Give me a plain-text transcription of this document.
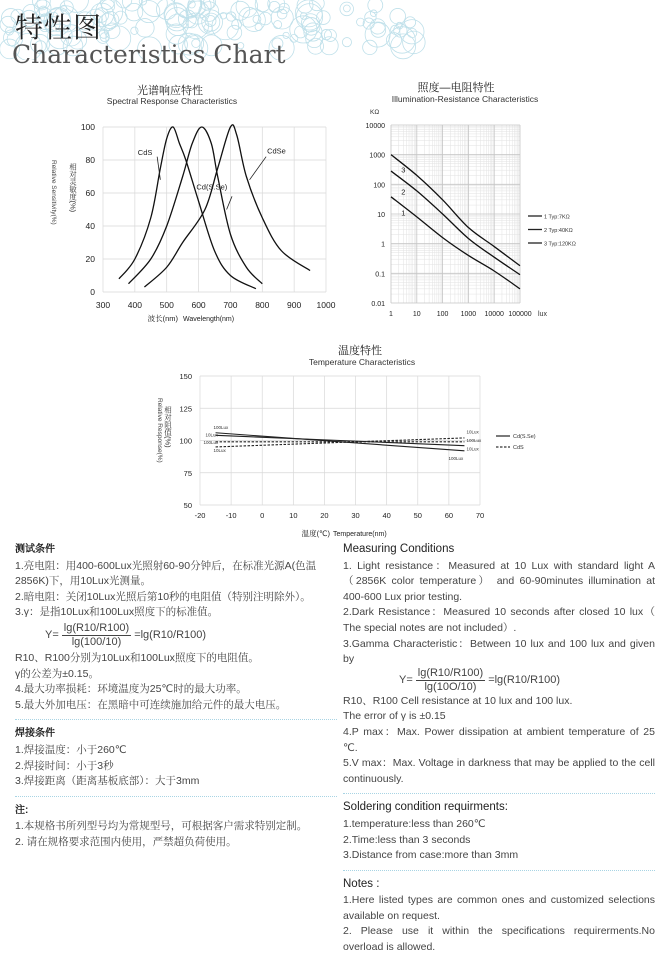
特性图
Characteristics Chart
光谱响应特性
Spectral Response Characteristics
波长(nm) Wavelength(nm)
相对灵敏度(%)
Relative Sensitivity(%)
300 400 500 600 700 800 900 1000
0
20
40
60
80
100
CdS	CdSe
Cd(S.Se)
照度—电阻特性
Illumination-Resistance Characteristics
KΩ
lux
1	10 100 1000 10000 100000
0.01
0.1
1
10
100
1000
10000
1
1 Typ:7KΩ
2
2 Typ:40KΩ
3
3 Typ:120KΩ
温度特性
Temperature Characteristics
温度(℃) Temperature(nm)
相对阻值(%)
Relative Response(%)
-20	-10	0	10	20	30	40	50	60	70
50
75
100
125
150
100Lux
100Lux
10Lux
10Lux
100Lux	100Lux
10Lux
10Lux
Cd(S.Se)
CdS
测试条件
1.亮电阻：用400-600Lux光照射60-90分钟后，在标准光源A(色温2856K)下，用10Lux光测量。
2.暗电阻：关闭10Lux光照后第10秒的电阻值（特别注明除外）。
3.γ：是指10Lux和100Lux照度下的标准值。
$Y= \frac{\lg(R10/R100)}{\lg(100/10)} =\lg(R10/R100)$
R10、R100分别为10Lux和100Lux照度下的电阻值。
γ的公差为±0.15。
4.最大功率损耗：环境温度为25℃时的最大功率。
5.最大外加电压：在黑暗中可连续施加给元件的最大电压。
焊接条件
1.焊接温度：小于260℃
2.焊接时间：小于3秒
3.焊接距离（距离基板底部）：大于3mm
注:
1.本规格书所列型号均为常规型号，可根据客户需求特别定制。
2. 请在规格要求范围内使用，严禁超负荷使用。
Measuring Conditions
1. Light resistance：Measured at 10 Lux with standard light A（2856K color temperature） and 60-90minutes illumination at 400-600 Lux prior testing.
2.Dark Resistance：Measured 10 seconds after closed 10 lux（ The special notes are not included）.
3.Gamma Characteristic：Between 10 lux and 100 lux and given by
$Y= \frac{\lg(R10/R100)}{\lg(10O/10)} =\lg(R10/R100)$
R10、R100 Cell resistance at 10 lux and 100 lux.
The error of γ is ±0.15
4.P max：Max. Power dissipation at ambient temperature of 25 ℃.
5.V max：Max. Voltage in darkness that may be applied to the cell continuously.
Soldering condition requirments:
1.temperature:less than 260℃
2.Time:less than 3 seconds
3.Distance from case:more than 3mm
Notes :
1.Here listed types are common ones and customized selections available on request.
2. Please use it within the specifications requirerments.No overload is allowed.
